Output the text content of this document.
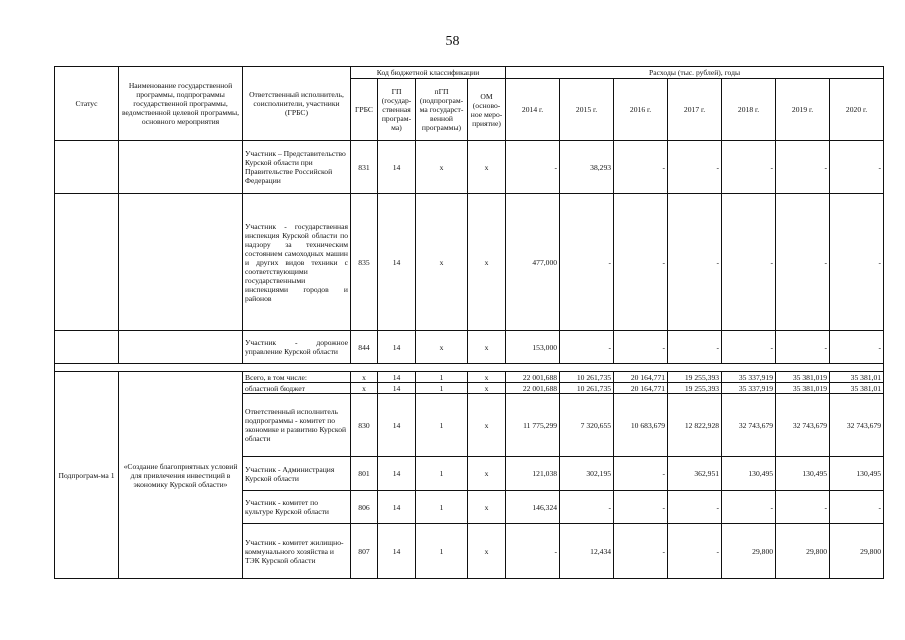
58
Статус	Наименование государственной программы, подпрограммы государственной программы, ведомственной целевой программы, основного мероприятия	Ответственный исполнитель, соисполнители, участники (ГРБС)	Код бюджетной классификации				Расходы (тыс. рублей), годы						
			ГРБС	ГП (государ-ственная програм-ма)	пГП (подпрограм-ма государст-венной программы)	ОМ (осново-ное меро-приятие)	2014 г.	2015 г.	2016 г.	2017 г.	2018 г.	2019 г.	2020 г.
		Участник – Представительство Курской области при Правительстве Российской Федерации	831	14	х	х	-	38,293	-	-	-	-	-
		Участник - государственная инспекция Курской области по надзору за техническим состоянием самоходных машин и других видов техники с соответствующими государственными инспекциями городов и районов	835	14	х	х	477,000	-	-	-	-	-	-
		Участник - дорожное управление Курской области	844	14	х	х	153,000	-	-	-	-	-	-

Подпрограм-ма 1	«Создание благоприятных условий для привлечения инвестиций в экономику Курской области»	Всего, в том числе:	х	14	1	х	22 001,688	10 261,735	20 164,771	19 255,393	35 337,919	35 381,019	35 381,01
		областной бюджет	х	14	1	х	22 001,688	10 261,735	20 164,771	19 255,393	35 337,919	35 381,019	35 381,01
		Ответственный исполнитель подпрограммы - комитет по экономике и развитию Курской области	830	14	1	х	11 775,299	7 320,655	10 683,679	12 822,928	32 743,679	32 743,679	32 743,679
		Участник - Администрация Курской области	801	14	1	х	121,038	302,195	-	362,951	130,495	130,495	130,495
		Участник - комитет по культуре Курской области	806	14	1	х	146,324	-	-	-	-	-	-
		Участник - комитет жилищно-коммунального хозяйства и ТЭК Курской области	807	14	1	х	-	12,434	-	-	29,800	29,800	29,800
